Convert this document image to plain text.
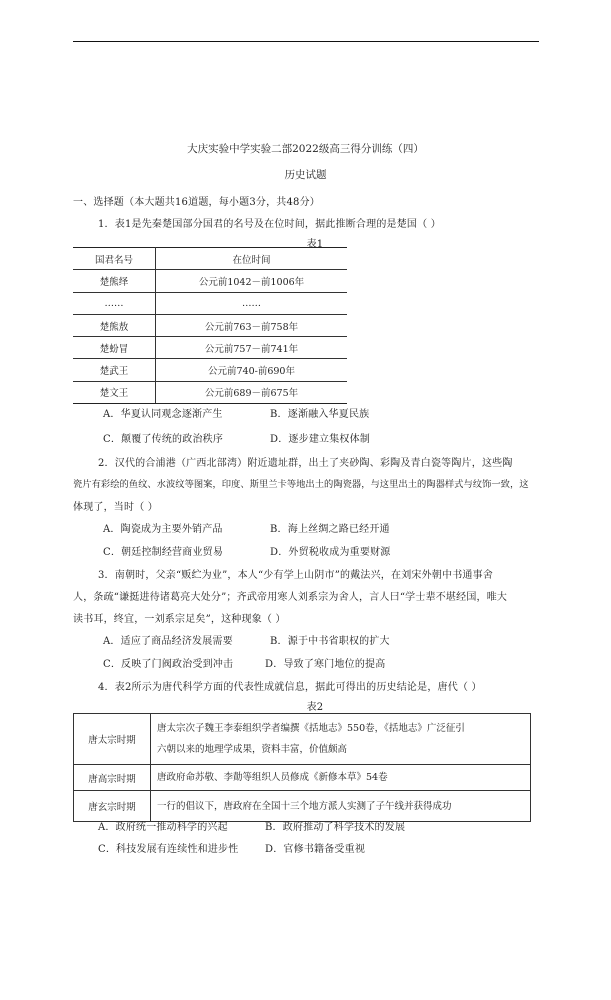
大庆实验中学实验二部2022级高三得分训练（四）
历史试题
一、选择题（本大题共16道题，每小题3分，共48分）
1．表1是先秦楚国部分国君的名号及在位时间，据此推断合理的是楚国（ ）
表1
国君名号	在位时间
楚熊绎	公元前1042－前1006年
……	……
楚熊敖	公元前763－前758年
楚蚡冒	公元前757－前741年
楚武王	公元前740-前690年
楚文王	公元前689－前675年
A．华夏认同观念逐渐产生	B．逐渐融入华夏民族
C．颠覆了传统的政治秩序	D．逐步建立集权体制
2．汉代的合浦港（广西北部湾）附近遗址群，出土了夹砂陶、彩陶及青白瓷等陶片，这些陶
瓷片有彩绘的鱼纹、水波纹等图案，印度、斯里兰卡等地出土的陶瓷器，与这里出土的陶器样式与纹饰一致，这
体现了，当时（ ）
A．陶瓷成为主要外销产品	B．海上丝绸之路已经开通
C．朝廷控制经营商业贸易	D．外贸税收成为重要财源
3．南朝时，父亲“贩纻为业”，本人“少有学上山阴市”的戴法兴，在刘宋外朝中书通事舍
人，条疏“谦挺进待诸葛亮大处分”；齐武帝用寒人刘系宗为舍人，言人曰“学士辈不堪经国，唯大
读书耳，终宜，一刘系宗足矣”，这种现象（ ）
A．适应了商品经济发展需要	B．源于中书省职权的扩大
C．反映了门阀政治受到冲击	D．导致了寒门地位的提高
4．表2所示为唐代科学方面的代表性成就信息，据此可得出的历史结论是，唐代（ ）
表2
唐太宗时期	唐太宗次子魏王李泰组织学者编撰《括地志》550卷，《括地志》广泛征引
六朝以来的地理学成果，资料丰富，价值颇高

唐高宗时期	唐政府命苏敬、李勣等组织人员修成《新修本草》54卷

唐玄宗时期	一行的倡议下，唐政府在全国十三个地方派人实测了子午线并获得成功
A．政府统一推动科学的兴起	B．政府推动了科学技术的发展
C．科技发展有连续性和进步性	D．官修书籍备受重视
